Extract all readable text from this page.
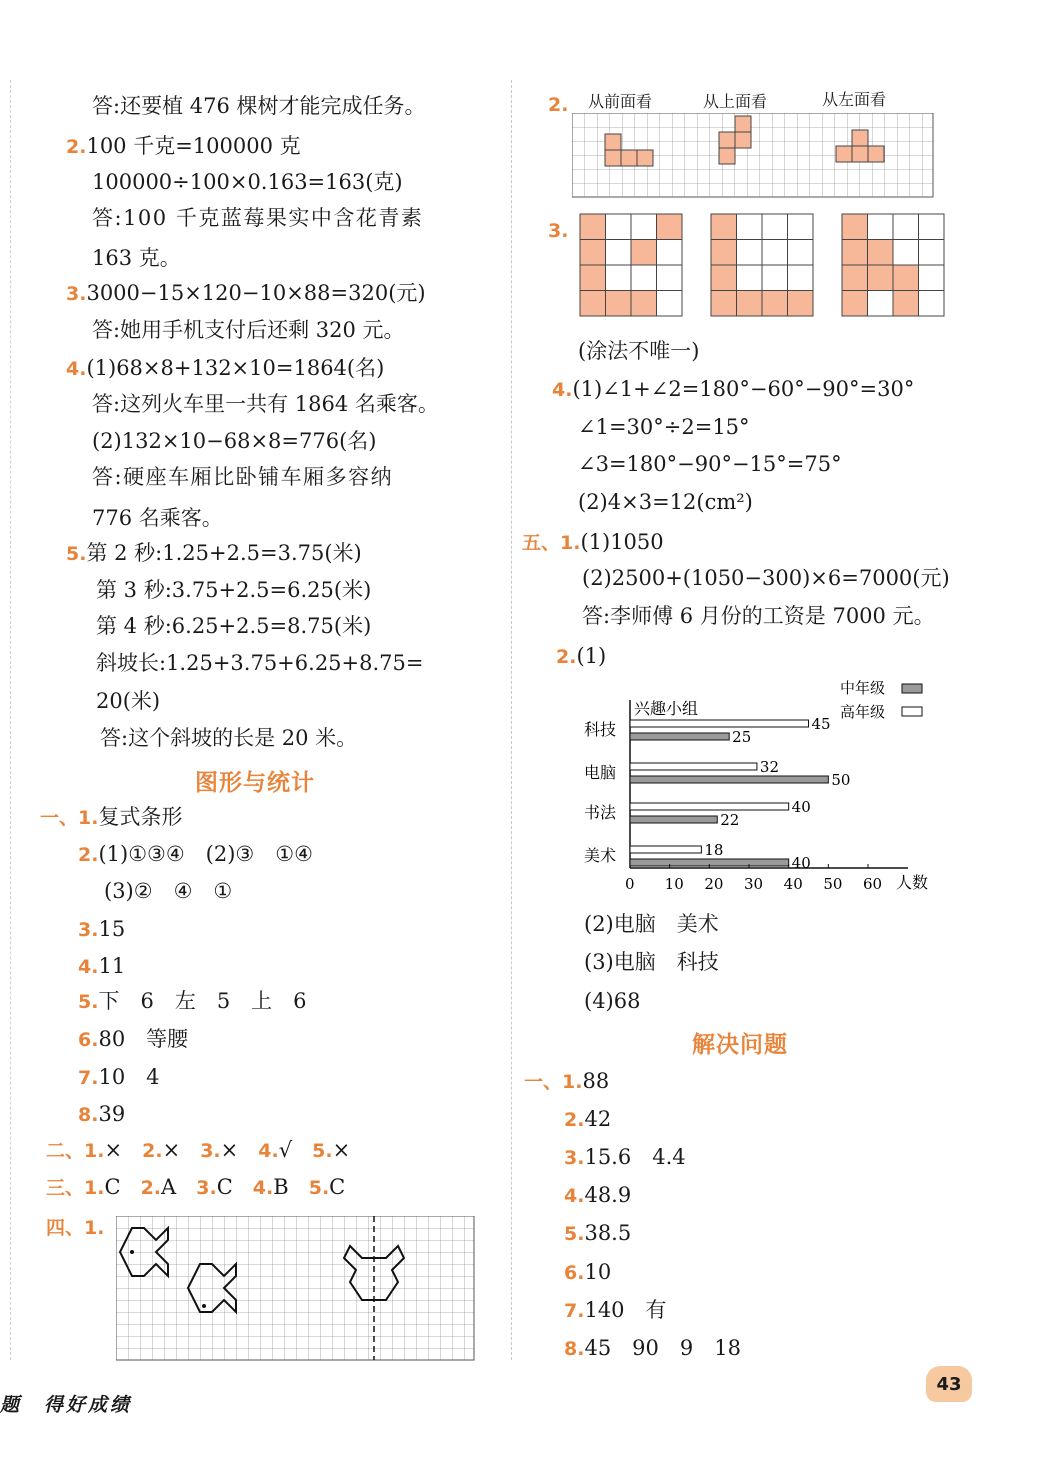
答:还要植 476 棵树才能完成任务。
2.100 千克=100000 克
100000÷100×0.163=163(克)
答:100 千克蓝莓果实中含花青素
163 克。
3.3000−15×120−10×88=320(元)
答:她用手机支付后还剩 320 元。
4.(1)68×8+132×10=1864(名)
答:这列火车里一共有 1864 名乘客。
(2)132×10−68×8=776(名)
答:硬座车厢比卧铺车厢多容纳
776 名乘客。
5.第 2 秒:1.25+2.5=3.75(米)
第 3 秒:3.75+2.5=6.25(米)
第 4 秒:6.25+2.5=8.75(米)
斜坡长:1.25+3.75+6.25+8.75=
20(米)
答:这个斜坡的长是 20 米。
图形与统计
一、1.复式条形
2.(1)①③④　(2)③　①④
(3)②　④　①
3.15
4.11
5.下　6　左　5　上　6
6.80　等腰
7.10　4
8.39
二、1.× 2.× 3.× 4.√ 5.×
三、1.C 2.A 3.C 4.B 5.C
四、1.
2. 从前面看	从上面看	从左面看
3.
(涂法不唯一)
4.(1)∠1+∠2=180°−60°−90°=30°
∠1=30°÷2=15°
∠3=180°−90°−15°=75°
(2)4×3=12(cm²)
五、1.(1)1050
(2)2500+(1050−300)×6=7000(元)
答:李师傅 6 月份的工资是 7000 元。
2.(1)
兴趣小组
人数
中年级
高年级
科技	45
25
电脑	32
50
书法	40
22
美术	18
40
0 10 20 30 40 50 60
(2)电脑　美术
(3)电脑　科技
(4)68
解决问题
一、1.88
2.42
3.15.6　4.4
4.48.9
5.38.5
6.10
7.140　有
8.45　90　9　18
题　得好成绩
43
